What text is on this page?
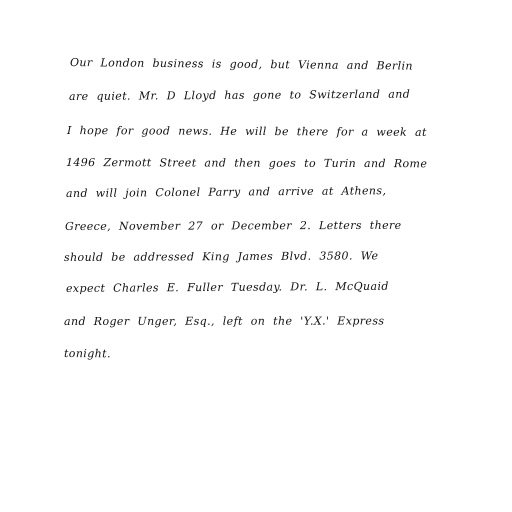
Our London business is good, but Vienna and Berlin
are quiet. Mr. D Lloyd has gone to Switzerland and
I hope for good news. He will be there for a week at
1496 Zermott Street and then goes to Turin and Rome
and will join Colonel Parry and arrive at Athens,
Greece, November 27 or December 2. Letters there
should be addressed King James Blvd. 3580. We
expect Charles E. Fuller Tuesday. Dr. L. McQuaid
and Roger Unger, Esq., left on the 'Y.X.' Express
tonight.
